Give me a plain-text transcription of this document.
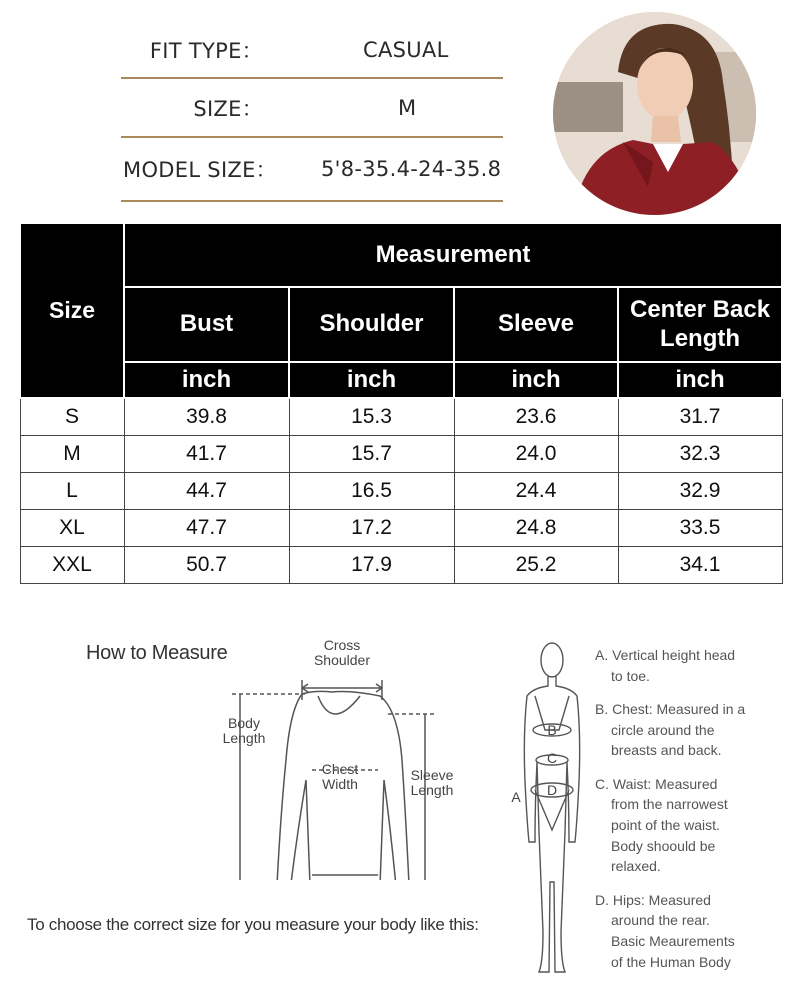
FIT TYPE：	CASUAL
SIZE：	M
MODEL SIZE： 5'8-35.4-24-35.8
Size	Measurement			
	Bust	Shoulder	Sleeve	Center Back Length
	inch	inch	inch	inch
S	39.8	15.3	23.6	31.7
M	41.7	15.7	24.0	32.3
L	44.7	16.5	24.4	32.9
XL	47.7	17.2	24.8	33.5
XXL	50.7	17.9	25.2	34.1
How to Measure	Cross
Shoulder
Body
Length
Chest
Width
Sleeve
Length	A
B
C
D
A. Vertical height head
to toe.
B. Chest: Measured in a
circle around the
breasts and back.
C. Waist: Measured
from the narrowest
point of the waist.
Body shoould be
relaxed.
D. Hips: Measured
around the rear.
Basic Meaurements
of the Human Body
To choose the correct size for you measure your body like this:
